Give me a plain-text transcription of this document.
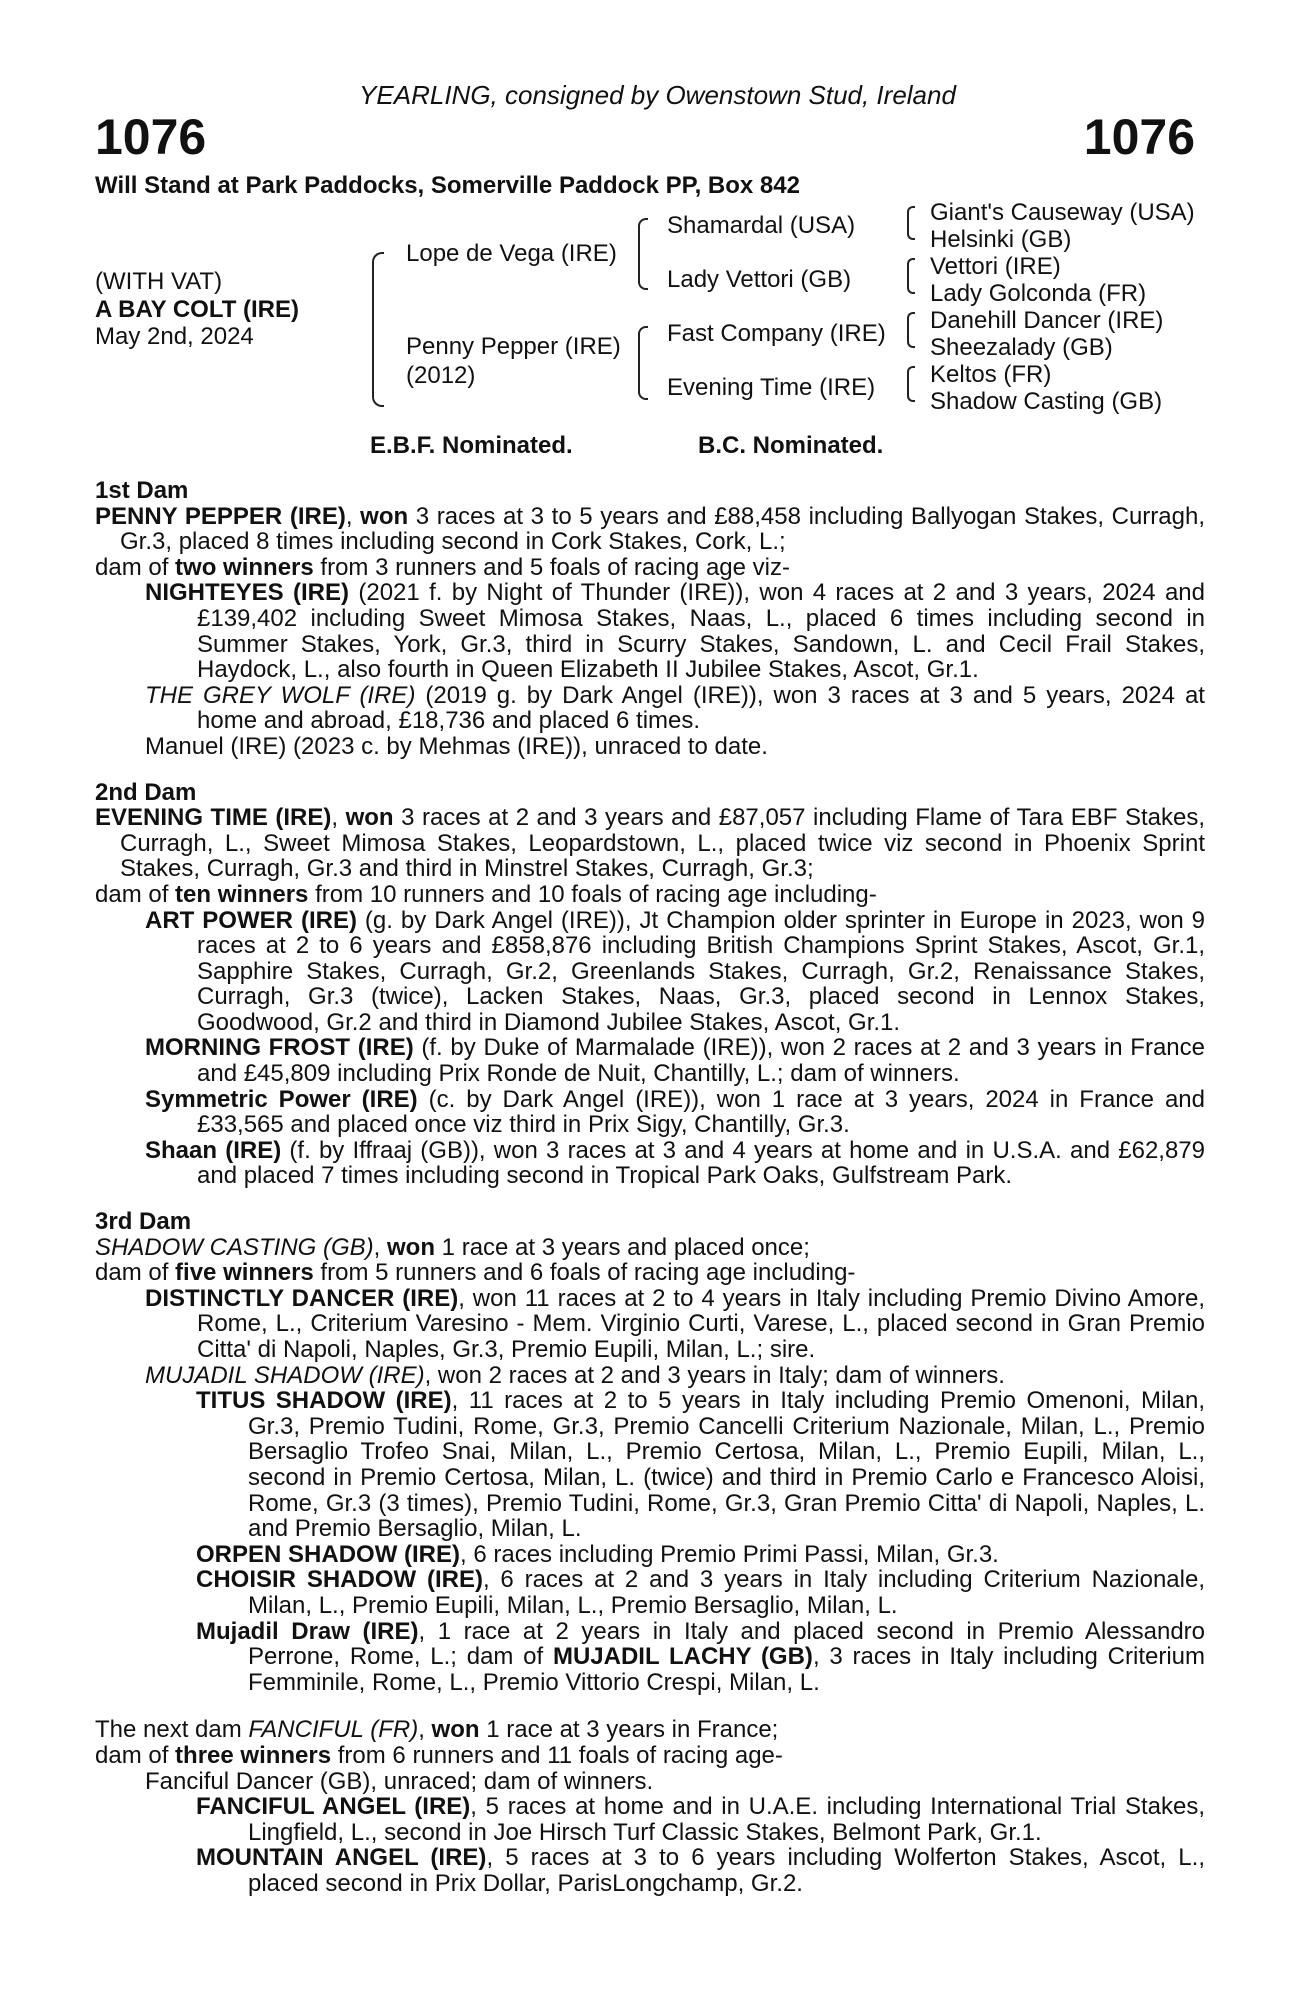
YEARLING, consigned by Owenstown Stud, Ireland
1076	1076
Will Stand at Park Paddocks, Somerville Paddock PP, Box 842
(WITH VAT)
A BAY COLT (IRE)
May 2nd, 2024
Lope de Vega (IRE)
Penny Pepper (IRE)
(2012)
Shamardal (USA)
Lady Vettori (GB)
Fast Company (IRE)
Evening Time (IRE)
Giant's Causeway (USA)
Helsinki (GB)
Vettori (IRE)
Lady Golconda (FR)
Danehill Dancer (IRE)
Sheezalady (GB)
Keltos (FR)
Shadow Casting (GB)
E.B.F. Nominated.	B.C. Nominated.
1st Dam
PENNY PEPPER (IRE), won 3 races at 3 to 5 years and £88,458 including Ballyogan Stakes, Curragh, Gr.3, placed 8 times including second in Cork Stakes, Cork, L.;
dam of two winners from 3 runners and 5 foals of racing age viz-
NIGHTEYES (IRE) (2021 f. by Night of Thunder (IRE)), won 4 races at 2 and 3 years, 2024 and £139,402 including Sweet Mimosa Stakes, Naas, L., placed 6 times including second in Summer Stakes, York, Gr.3, third in Scurry Stakes, Sandown, L. and Cecil Frail Stakes, Haydock, L., also fourth in Queen Elizabeth II Jubilee Stakes, Ascot, Gr.1.
THE GREY WOLF (IRE) (2019 g. by Dark Angel (IRE)), won 3 races at 3 and 5 years, 2024 at home and abroad, £18,736 and placed 6 times.
Manuel (IRE) (2023 c. by Mehmas (IRE)), unraced to date.
2nd Dam
EVENING TIME (IRE), won 3 races at 2 and 3 years and £87,057 including Flame of Tara EBF Stakes, Curragh, L., Sweet Mimosa Stakes, Leopardstown, L., placed twice viz second in Phoenix Sprint Stakes, Curragh, Gr.3 and third in Minstrel Stakes, Curragh, Gr.3;
dam of ten winners from 10 runners and 10 foals of racing age including-
ART POWER (IRE) (g. by Dark Angel (IRE)), Jt Champion older sprinter in Europe in 2023, won 9 races at 2 to 6 years and £858,876 including British Champions Sprint Stakes, Ascot, Gr.1, Sapphire Stakes, Curragh, Gr.2, Greenlands Stakes, Curragh, Gr.2, Renaissance Stakes, Curragh, Gr.3 (twice), Lacken Stakes, Naas, Gr.3, placed second in Lennox Stakes, Goodwood, Gr.2 and third in Diamond Jubilee Stakes, Ascot, Gr.1.
MORNING FROST (IRE) (f. by Duke of Marmalade (IRE)), won 2 races at 2 and 3 years in France and £45,809 including Prix Ronde de Nuit, Chantilly, L.; dam of winners.
Symmetric Power (IRE) (c. by Dark Angel (IRE)), won 1 race at 3 years, 2024 in France and £33,565 and placed once viz third in Prix Sigy, Chantilly, Gr.3.
Shaan (IRE) (f. by Iffraaj (GB)), won 3 races at 3 and 4 years at home and in U.S.A. and £62,879 and placed 7 times including second in Tropical Park Oaks, Gulfstream Park.
3rd Dam
SHADOW CASTING (GB), won 1 race at 3 years and placed once;
dam of five winners from 5 runners and 6 foals of racing age including-
DISTINCTLY DANCER (IRE), won 11 races at 2 to 4 years in Italy including Premio Divino Amore, Rome, L., Criterium Varesino - Mem. Virginio Curti, Varese, L., placed second in Gran Premio Citta' di Napoli, Naples, Gr.3, Premio Eupili, Milan, L.; sire.
MUJADIL SHADOW (IRE), won 2 races at 2 and 3 years in Italy; dam of winners.
TITUS SHADOW (IRE), 11 races at 2 to 5 years in Italy including Premio Omenoni, Milan, Gr.3, Premio Tudini, Rome, Gr.3, Premio Cancelli Criterium Nazionale, Milan, L., Premio Bersaglio Trofeo Snai, Milan, L., Premio Certosa, Milan, L., Premio Eupili, Milan, L., second in Premio Certosa, Milan, L. (twice) and third in Premio Carlo e Francesco Aloisi, Rome, Gr.3 (3 times), Premio Tudini, Rome, Gr.3, Gran Premio Citta' di Napoli, Naples, L. and Premio Bersaglio, Milan, L.
ORPEN SHADOW (IRE), 6 races including Premio Primi Passi, Milan, Gr.3.
CHOISIR SHADOW (IRE), 6 races at 2 and 3 years in Italy including Criterium Nazionale, Milan, L., Premio Eupili, Milan, L., Premio Bersaglio, Milan, L.
Mujadil Draw (IRE), 1 race at 2 years in Italy and placed second in Premio Alessandro Perrone, Rome, L.; dam of MUJADIL LACHY (GB), 3 races in Italy including Criterium Femminile, Rome, L., Premio Vittorio Crespi, Milan, L.
The next dam FANCIFUL (FR), won 1 race at 3 years in France;
dam of three winners from 6 runners and 11 foals of racing age-
Fanciful Dancer (GB), unraced; dam of winners.
FANCIFUL ANGEL (IRE), 5 races at home and in U.A.E. including International Trial Stakes, Lingfield, L., second in Joe Hirsch Turf Classic Stakes, Belmont Park, Gr.1.
MOUNTAIN ANGEL (IRE), 5 races at 3 to 6 years including Wolferton Stakes, Ascot, L., placed second in Prix Dollar, ParisLongchamp, Gr.2.
